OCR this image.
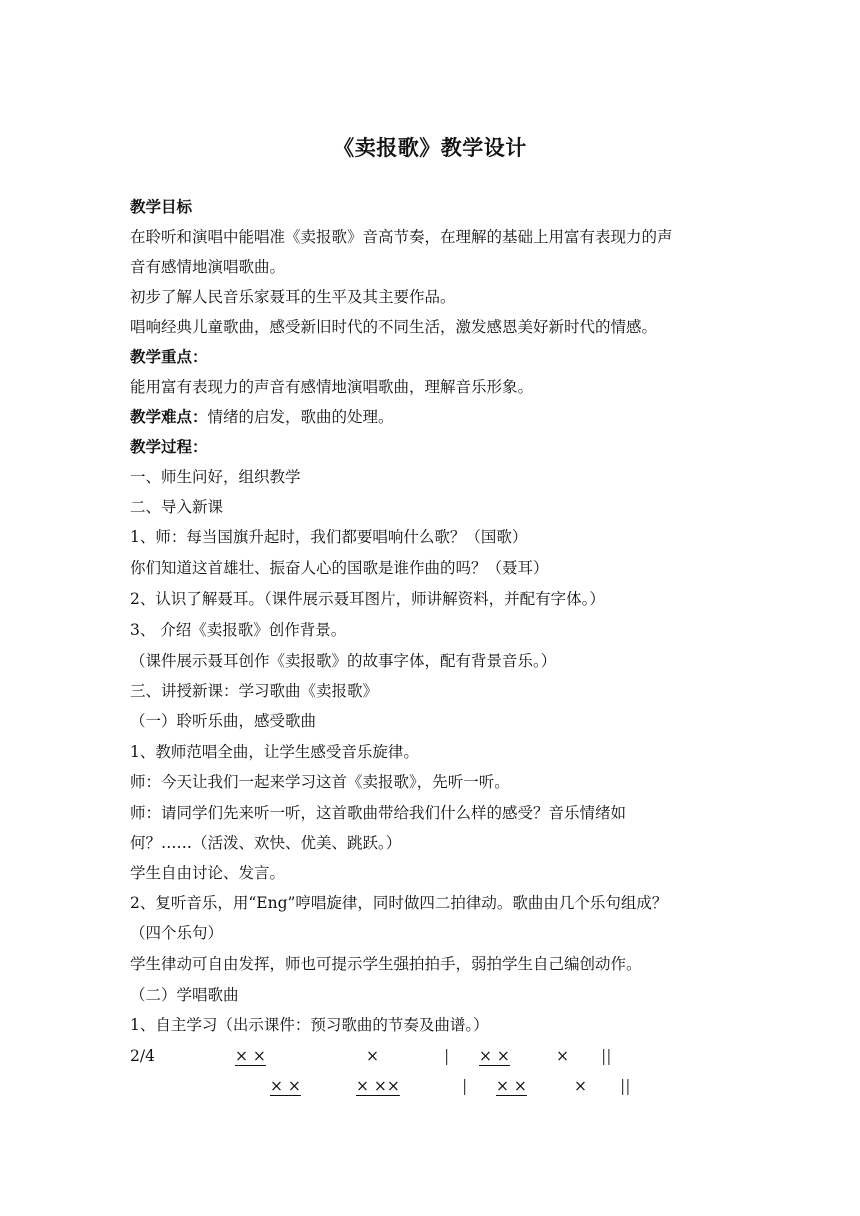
《卖报歌》教学设计
教学目标
在聆听和演唱中能唱准《卖报歌》音高节奏，在理解的基础上用富有表现力的声
音有感情地演唱歌曲。
初步了解人民音乐家聂耳的生平及其主要作品。
唱响经典儿童歌曲，感受新旧时代的不同生活，激发感恩美好新时代的情感。
教学重点：
能用富有表现力的声音有感情地演唱歌曲，理解音乐形象。
教学难点：情绪的启发，歌曲的处理。
教学过程：
一、师生问好，组织教学
二、导入新课
1、师：每当国旗升起时，我们都要唱响什么歌？（国歌）
你们知道这首雄壮、振奋人心的国歌是谁作曲的吗？（聂耳）
2、认识了解聂耳。（课件展示聂耳图片，师讲解资料，并配有字体。）
3、 介绍《卖报歌》创作背景。
（课件展示聂耳创作《卖报歌》的故事字体，配有背景音乐。）
三、讲授新课：学习歌曲《卖报歌》
（一）聆听乐曲，感受歌曲
1、教师范唱全曲，让学生感受音乐旋律。
师：今天让我们一起来学习这首《卖报歌》，先听一听。
师：请同学们先来听一听，这首歌曲带给我们什么样的感受？音乐情绪如
何？……（活泼、欢快、优美、跳跃。）
学生自由讨论、发言。
2、复听音乐，用“Eng”哼唱旋律，同时做四二拍律动。歌曲由几个乐句组成？
（四个乐句）
学生律动可自由发挥，师也可提示学生强拍拍手，弱拍学生自己编创动作。
（二）学唱歌曲
1、自主学习（出示课件：预习歌曲的节奏及曲谱。）
2/4	× ×	×	| × ×	× ||
× ×	× ××	| × ×	× ||
